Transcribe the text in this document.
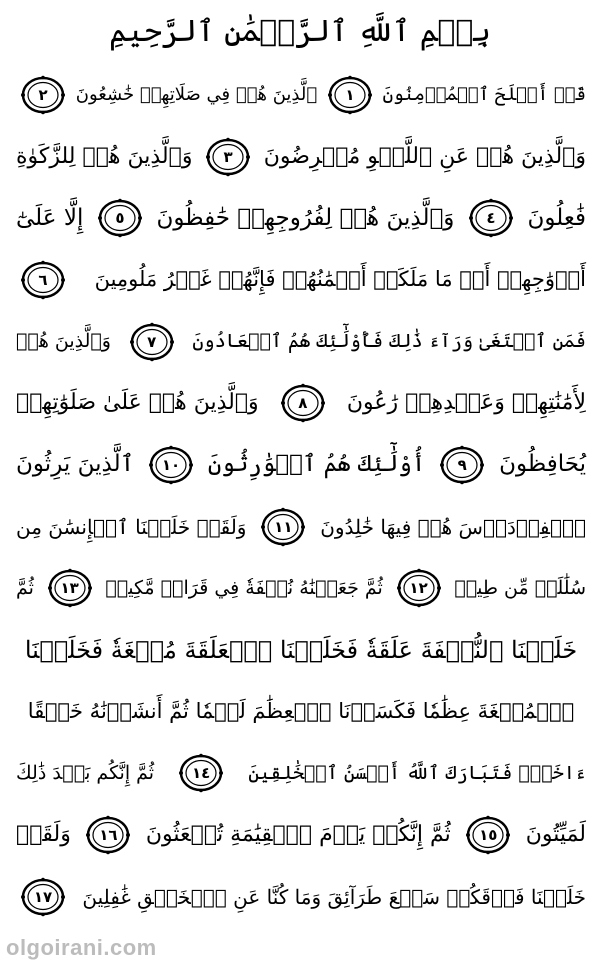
بِسۡمِ ٱللَّهِ ٱلرَّحۡمَٰنِ ٱلرَّحِيمِ
قَدۡ أَفۡلَحَ ٱلۡمُؤۡمِنُونَ
١
ٱلَّذِينَ هُمۡ فِي صَلَاتِهِمۡ خَٰشِعُونَ
٢
وَٱلَّذِينَ هُمۡ عَنِ ٱللَّغۡوِ مُعۡرِضُونَ
٣
وَٱلَّذِينَ هُمۡ لِلزَّكَوٰةِ
فَٰعِلُونَ
٤
وَٱلَّذِينَ هُمۡ لِفُرُوجِهِمۡ حَٰفِظُونَ
٥
إِلَّا عَلَىٰٓ
أَزۡوَٰجِهِمۡ أَوۡ مَا مَلَكَتۡ أَيۡمَٰنُهُمۡ فَإِنَّهُمۡ غَيۡرُ مَلُومِينَ
٦
فَمَنِ ٱبۡتَغَىٰ وَرَآءَ ذَٰلِكَ فَأُوْلَٰٓئِكَ هُمُ ٱلۡعَادُونَ
٧
وَٱلَّذِينَ هُمۡ
لِأَمَٰنَٰتِهِمۡ وَعَهۡدِهِمۡ رَٰعُونَ
٨
وَٱلَّذِينَ هُمۡ عَلَىٰ صَلَوَٰتِهِمۡ
يُحَافِظُونَ
٩
أُوْلَٰٓئِكَ هُمُ ٱلۡوَٰرِثُونَ
١٠
ٱلَّذِينَ يَرِثُونَ
ٱلۡفِرۡدَوۡسَ هُمۡ فِيهَا خَٰلِدُونَ
١١
وَلَقَدۡ خَلَقۡنَا ٱلۡإِنسَٰنَ مِن
سُلَٰلَةٖ مِّن طِينٖ
١٢
ثُمَّ جَعَلۡنَٰهُ نُطۡفَةٗ فِي قَرَارٖ مَّكِينٖ
١٣
ثُمَّ
خَلَقۡنَا ٱلنُّطۡفَةَ عَلَقَةٗ فَخَلَقۡنَا ٱلۡعَلَقَةَ مُضۡغَةٗ فَخَلَقۡنَا
ٱلۡمُضۡغَةَ عِظَٰمٗا فَكَسَوۡنَا ٱلۡعِظَٰمَ لَحۡمٗا ثُمَّ أَنشَأۡنَٰهُ خَلۡقًا
ءَاخَرَۚ فَتَبَارَكَ ٱللَّهُ أَحۡسَنُ ٱلۡخَٰلِقِينَ
١٤
ثُمَّ إِنَّكُم بَعۡدَ ذَٰلِكَ
لَمَيِّتُونَ
١٥
ثُمَّ إِنَّكُمۡ يَوۡمَ ٱلۡقِيَٰمَةِ تُبۡعَثُونَ
١٦
وَلَقَدۡ
خَلَقۡنَا فَوۡقَكُمۡ سَبۡعَ طَرَآئِقَ وَمَا كُنَّا عَنِ ٱلۡخَلۡقِ غَٰفِلِينَ
١٧
olgoirani.com
